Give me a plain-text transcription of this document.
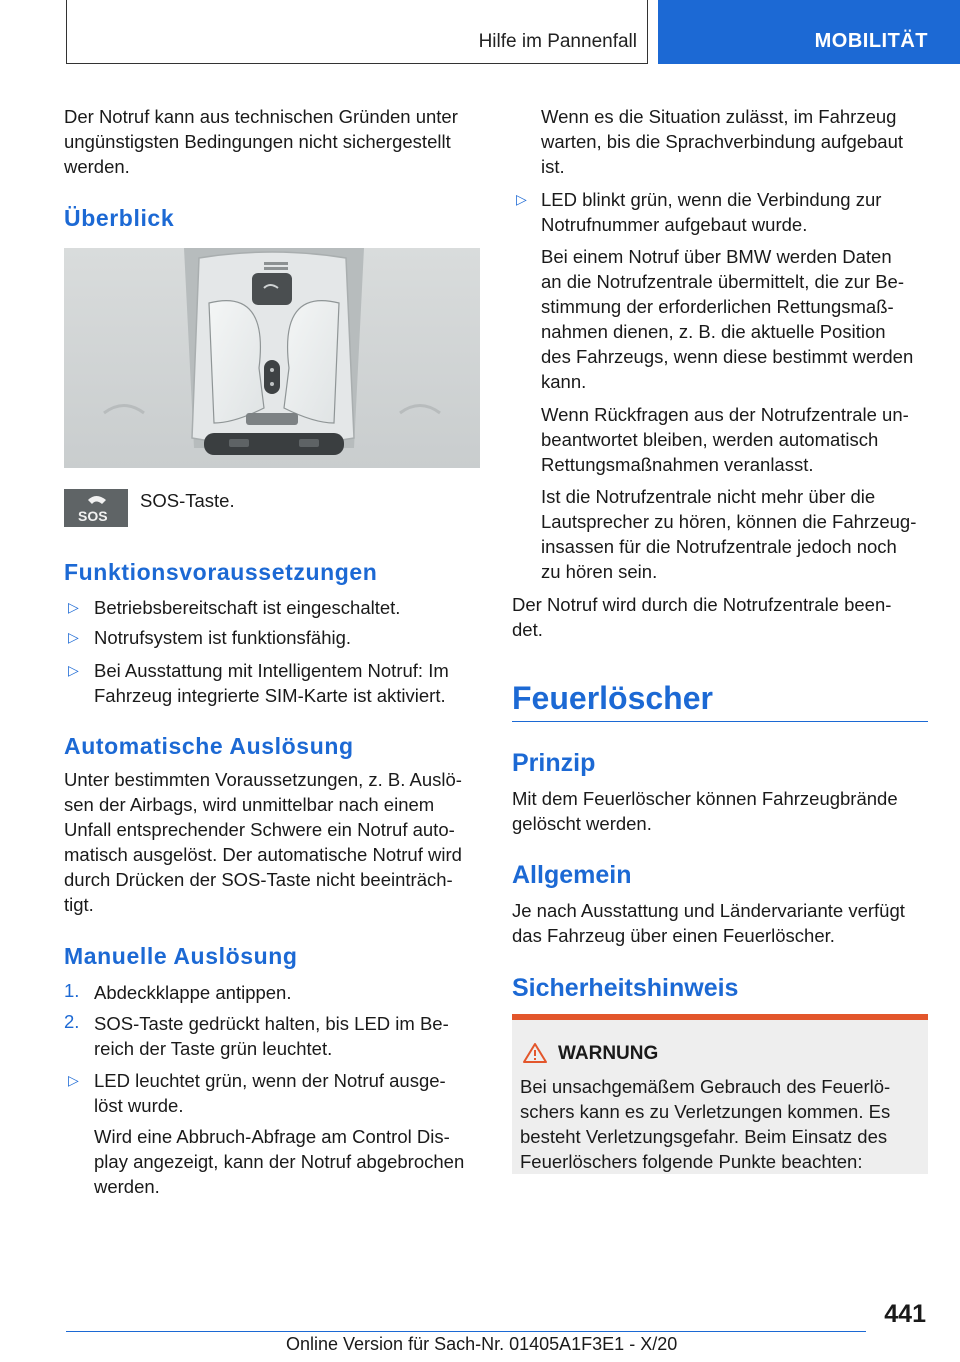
Hilfe im Pannenfall	MOBILITÄT

Der Notruf kann aus technischen Gründen unter

ungünstigsten Bedingungen nicht sichergestellt

werden.

Überblick
SOS

SOS-Taste.

Funktionsvoraussetzungen
▷ Betriebsbereitschaft ist eingeschaltet.

▷ Notrufsystem ist funktionsfähig.

▷ Bei Ausstattung mit Intelligentem Notruf: Im

Fahrzeug integrierte SIM-Karte ist aktiviert.

Automatische Auslösung

Unter bestimmten Voraussetzungen, z. B. Auslö-

sen der Airbags, wird unmittelbar nach einem

Unfall entsprechender Schwere ein Notruf auto-

matisch ausgelöst. Der automatische Notruf wird

durch Drücken der SOS-Taste nicht beeinträch-

tigt.

Manuelle Auslösung
1. Abdeckklappe antippen.

2. SOS-Taste gedrückt halten, bis LED im Be-

reich der Taste grün leuchtet.

▷ LED leuchtet grün, wenn der Notruf ausge-

löst wurde.

Wird eine Abbruch-Abfrage am Control Dis-

play angezeigt, kann der Notruf abgebrochen

werden.

Wenn es die Situation zulässt, im Fahrzeug

warten, bis die Sprachverbindung aufgebaut

ist.

▷ LED blinkt grün, wenn die Verbindung zur

Notrufnummer aufgebaut wurde.

Bei einem Notruf über BMW werden Daten

an die Notrufzentrale übermittelt, die zur Be-

stimmung der erforderlichen Rettungsmaß-

nahmen dienen, z. B. die aktuelle Position

des Fahrzeugs, wenn diese bestimmt werden

kann.

Wenn Rückfragen aus der Notrufzentrale un-

beantwortet bleiben, werden automatisch

Rettungsmaßnahmen veranlasst.

Ist die Notrufzentrale nicht mehr über die

Lautsprecher zu hören, können die Fahrzeug-

insassen für die Notrufzentrale jedoch noch

zu hören sein.

Der Notruf wird durch die Notrufzentrale been-

det.

Feuerlöscher
Prinzip

Mit dem Feuerlöscher können Fahrzeugbrände

gelöscht werden.

Allgemein

Je nach Ausstattung und Ländervariante verfügt

das Fahrzeug über einen Feuerlöscher.

Sicherheitshinweis
WARNUNG

Bei unsachgemäßem Gebrauch des Feuerlö-

schers kann es zu Verletzungen kommen. Es

besteht Verletzungsgefahr. Beim Einsatz des

Feuerlöschers folgende Punkte beachten:

441
Online Version für Sach-Nr. 01405A1F3E1 - X/20
